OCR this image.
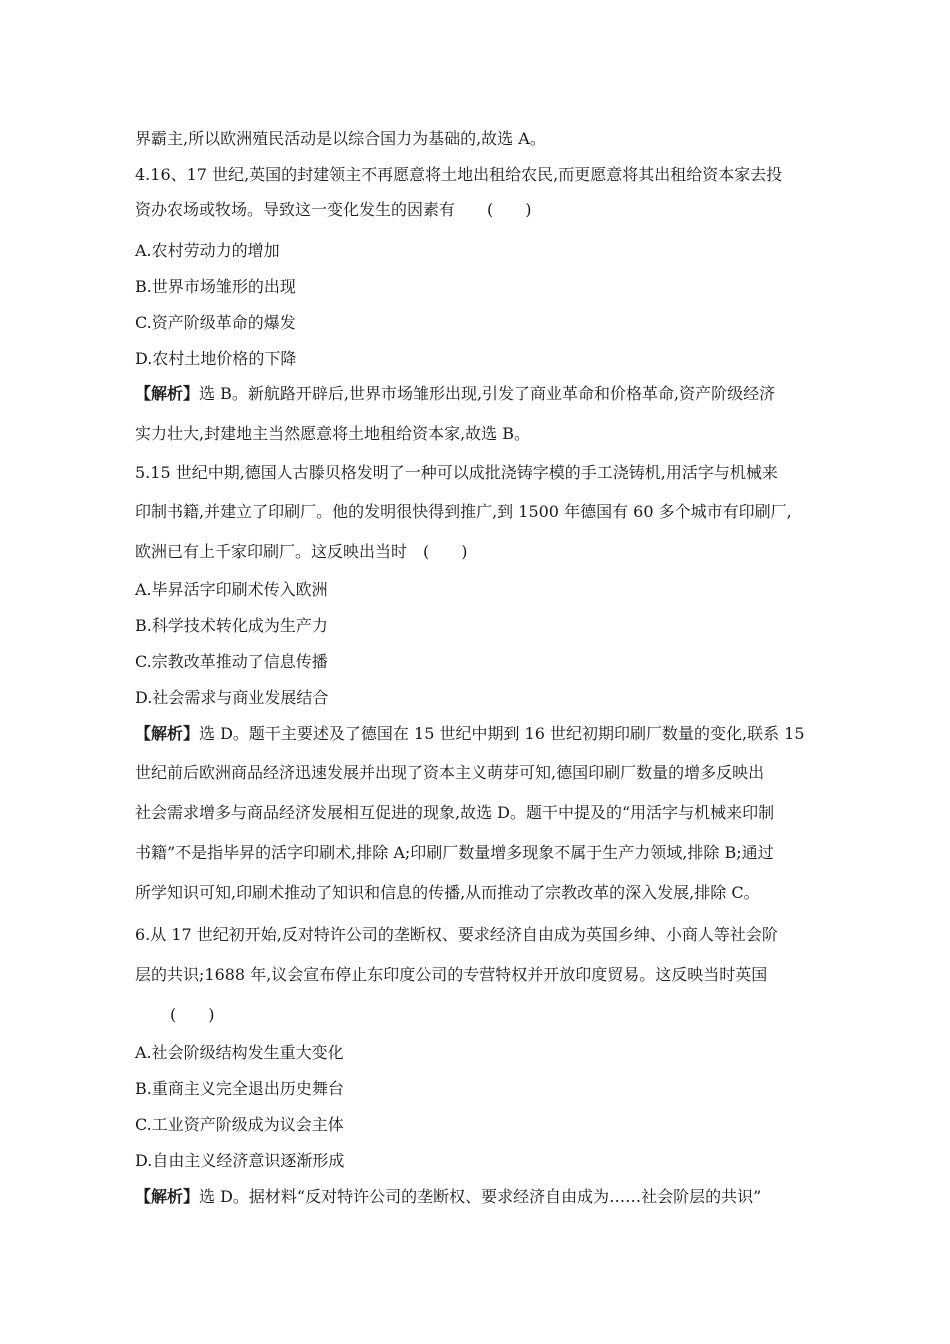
界霸主,所以欧洲殖民活动是以综合国力为基础的,故选 A。
4.16、17 世纪,英国的封建领主不再愿意将土地出租给农民,而更愿意将其出租给资本家去投
资办农场或牧场。导致这一变化发生的因素有　　(　　)
A.农村劳动力的增加
B.世界市场雏形的出现
C.资产阶级革命的爆发
D.农村土地价格的下降
【解析】选 B。新航路开辟后,世界市场雏形出现,引发了商业革命和价格革命,资产阶级经济
实力壮大,封建地主当然愿意将土地租给资本家,故选 B。
5.15 世纪中期,德国人古滕贝格发明了一种可以成批浇铸字模的手工浇铸机,用活字与机械来
印制书籍,并建立了印刷厂。他的发明很快得到推广,到 1500 年德国有 60 多个城市有印刷厂,
欧洲已有上千家印刷厂。这反映出当时　(　　)
A.毕昇活字印刷术传入欧洲
B.科学技术转化成为生产力
C.宗教改革推动了信息传播
D.社会需求与商业发展结合
【解析】选 D。题干主要述及了德国在 15 世纪中期到 16 世纪初期印刷厂数量的变化,联系 15
世纪前后欧洲商品经济迅速发展并出现了资本主义萌芽可知,德国印刷厂数量的增多反映出
社会需求增多与商品经济发展相互促进的现象,故选 D。题干中提及的“用活字与机械来印制
书籍”不是指毕昇的活字印刷术,排除 A;印刷厂数量增多现象不属于生产力领域,排除 B;通过
所学知识可知,印刷术推动了知识和信息的传播,从而推动了宗教改革的深入发展,排除 C。
6.从 17 世纪初开始,反对特许公司的垄断权、要求经济自由成为英国乡绅、小商人等社会阶
层的共识;1688 年,议会宣布停止东印度公司的专营特权并开放印度贸易。这反映当时英国
(　　)
A.社会阶级结构发生重大变化
B.重商主义完全退出历史舞台
C.工业资产阶级成为议会主体
D.自由主义经济意识逐渐形成
【解析】选 D。据材料“反对特许公司的垄断权、要求经济自由成为……社会阶层的共识”
